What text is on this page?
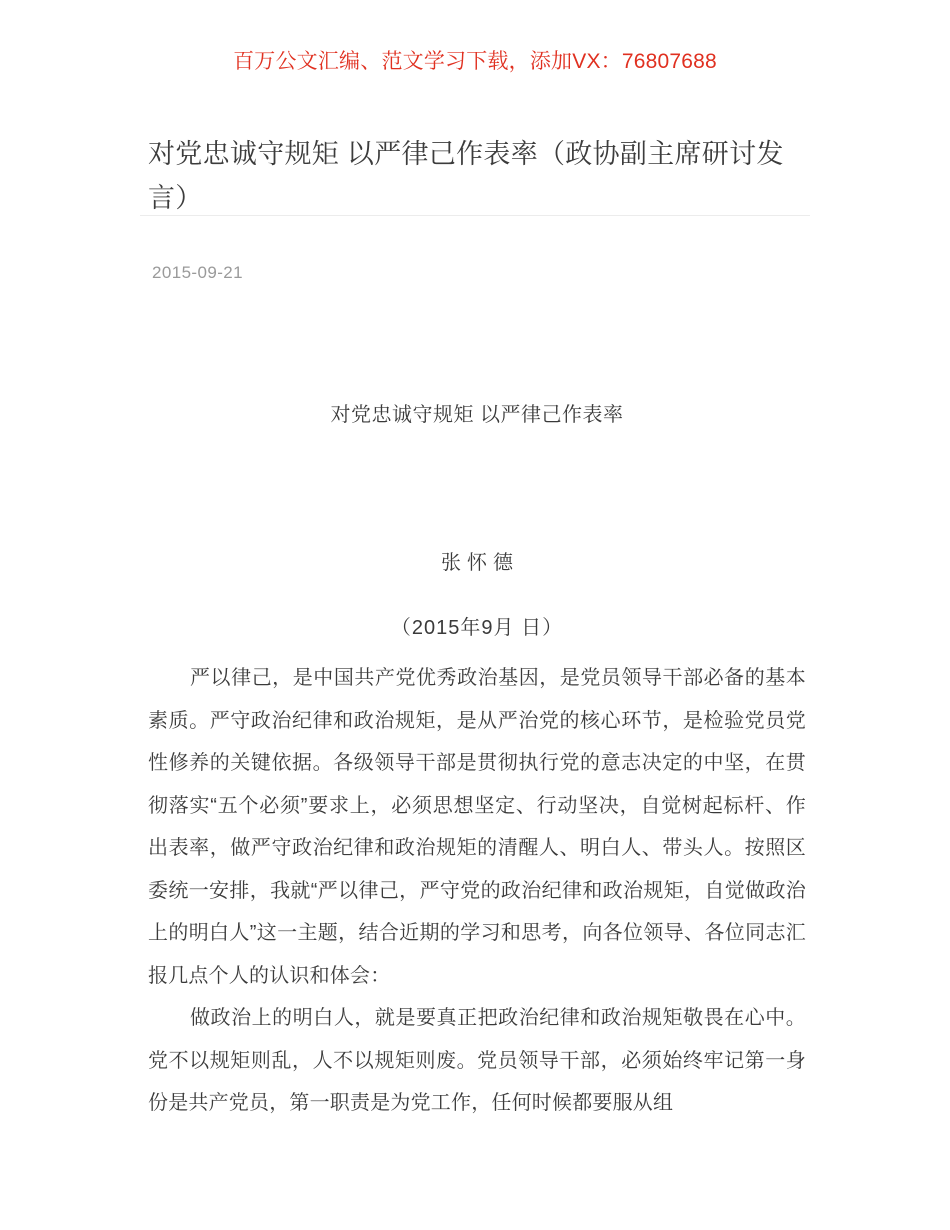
百万公文汇编、范文学习下载，添加VX：76807688
对党忠诚守规矩 以严律己作表率（政协副主席研讨发言）
2015-09-21
对党忠诚守规矩 以严律己作表率
张怀德
（2015年9月 日）

严以律己，是中国共产党优秀政治基因，是党员领导干部必备的基本素质。严守政治纪律和政治规矩，是从严治党的核心环节，是检验党员党性修养的关键依据。各级领导干部是贯彻执行党的意志决定的中坚，在贯彻落实“五个必须”要求上，必须思想坚定、行动坚决，自觉树起标杆、作出表率，做严守政治纪律和政治规矩的清醒人、明白人、带头人。按照区委统一安排，我就“严以律己，严守党的政治纪律和政治规矩，自觉做政治上的明白人”这一主题，结合近期的学习和思考，向各位领导、各位同志汇报几点个人的认识和体会：

做政治上的明白人，就是要真正把政治纪律和政治规矩敬畏在心中。党不以规矩则乱，人不以规矩则废。党员领导干部，必须始终牢记第一身份是共产党员，第一职责是为党工作，任何时候都要服从组
